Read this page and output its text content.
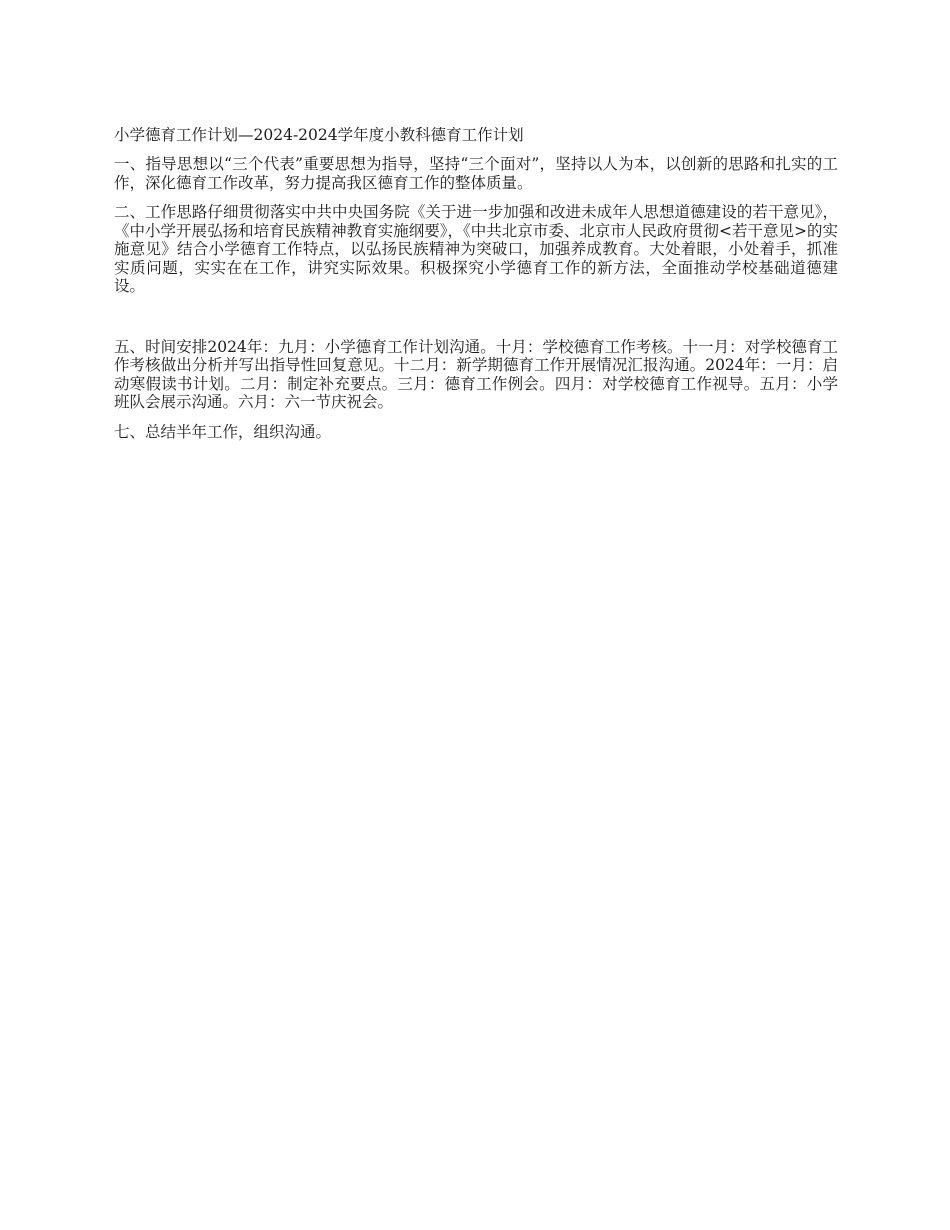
小学德育工作计划—2024-2024学年度小教科德育工作计划

一、指导思想以“三个代表”重要思想为指导，坚持“三个面对”，坚持以人为本，以创新的思路和扎实的工作，深化德育工作改革，努力提高我区德育工作的整体质量。

二、工作思路仔细贯彻落实中共中央国务院《关于进一步加强和改进未成年人思想道德建设的若干意见》，《中小学开展弘扬和培育民族精神教育实施纲要》，《中共北京市委、北京市人民政府贯彻<若干意见>的实施意见》结合小学德育工作特点，以弘扬民族精神为突破口，加强养成教育。大处着眼，小处着手，抓准实质问题，实实在在工作，讲究实际效果。积极探究小学德育工作的新方法，全面推动学校基础道德建设。

五、时间安排2024年：九月：小学德育工作计划沟通。十月：学校德育工作考核。十一月：对学校德育工作考核做出分析并写出指导性回复意见。十二月：新学期德育工作开展情况汇报沟通。2024年：一月：启动寒假读书计划。二月：制定补充要点。三月：德育工作例会。四月：对学校德育工作视导。五月：小学班队会展示沟通。六月：六一节庆祝会。

七、总结半年工作，组织沟通。
